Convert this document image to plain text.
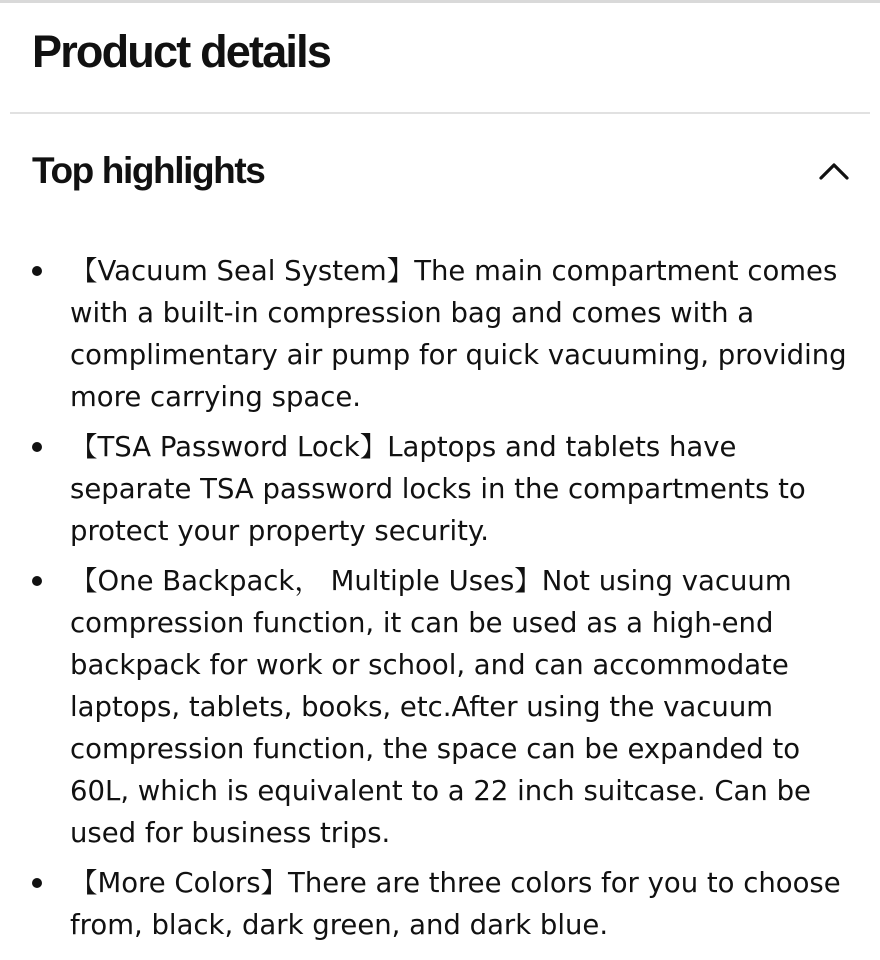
Product details
Top highlights
【Vacuum Seal System】The main compartment comes with a built-in compression bag and comes with a complimentary air pump for quick vacuuming, providing more carrying space.
【TSA Password Lock】Laptops and tablets have separate TSA password locks in the compartments to protect your property security.
【One Backpack， Multiple Uses】Not using vacuum compression function, it can be used as a high-end backpack for work or school, and can accommodate laptops, tablets, books, etc.After using the vacuum compression function, the space can be expanded to 60L, which is equivalent to a 22 inch suitcase. Can be used for business trips.
【More Colors】There are three colors for you to choose from, black, dark green, and dark blue.
